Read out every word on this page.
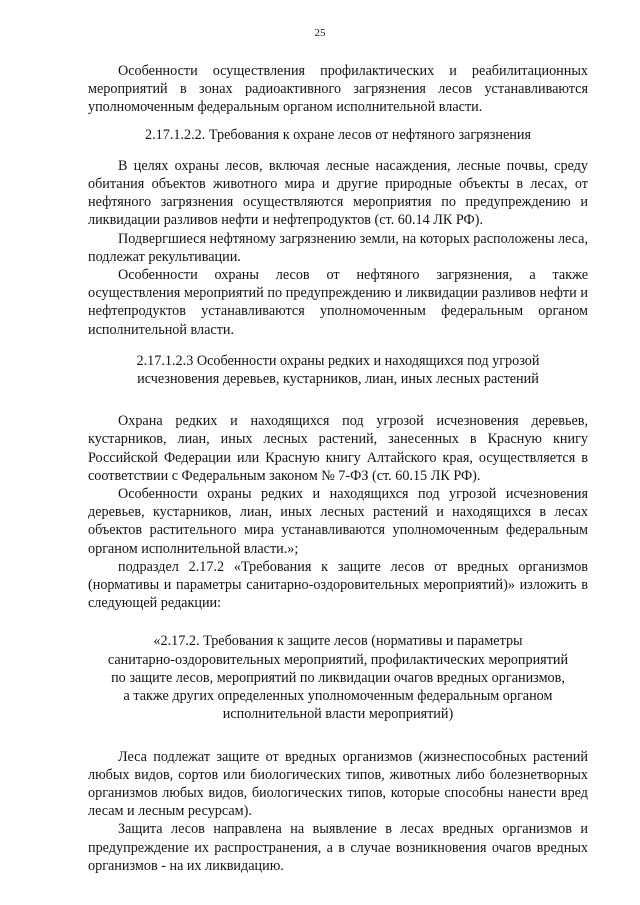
25

Особенности осуществления профилактических и реабилитационных мероприятий в зонах радиоактивного загрязнения лесов устанавливаются уполномоченным федеральным органом исполнительной власти.

2.17.1.2.2. Требования к охране лесов от нефтяного загрязнения

В целях охраны лесов, включая лесные насаждения, лесные почвы, среду обитания объектов животного мира и другие природные объекты в лесах, от нефтяного загрязнения осуществляются мероприятия по предупреждению и ликвидации разливов нефти и нефтепродуктов (ст. 60.14 ЛК РФ).

Подвергшиеся нефтяному загрязнению земли, на которых расположены леса, подлежат рекультивации.

Особенности охраны лесов от нефтяного загрязнения, а также осуществления мероприятий по предупреждению и ликвидации разливов нефти и нефтепродуктов устанавливаются уполномоченным федеральным органом исполнительной власти.

2.17.1.2.3 Особенности охраны редких и находящихся под угрозой

исчезновения деревьев, кустарников, лиан, иных лесных растений

Охрана редких и находящихся под угрозой исчезновения деревьев, кустарников, лиан, иных лесных растений, занесенных в Красную книгу Российской Федерации или Красную книгу Алтайского края, осуществляется в соответствии с Федеральным законом № 7-ФЗ (ст. 60.15 ЛК РФ).

Особенности охраны редких и находящихся под угрозой исчезновения деревьев, кустарников, лиан, иных лесных растений и находящихся в лесах объектов растительного мира устанавливаются уполномоченным федеральным органом исполнительной власти.»;

подраздел 2.17.2 «Требования к защите лесов от вредных организмов (нормативы и параметры санитарно-оздоровительных мероприятий)» изложить в следующей редакции:

«2.17.2. Требования к защите лесов (нормативы и параметры

санитарно-оздоровительных мероприятий, профилактических мероприятий

по защите лесов, мероприятий по ликвидации очагов вредных организмов,

а также других определенных уполномоченным федеральным органом

исполнительной власти мероприятий)

Леса подлежат защите от вредных организмов (жизнеспособных растений любых видов, сортов или биологических типов, животных либо болезнетворных организмов любых видов, биологических типов, которые способны нанести вред лесам и лесным ресурсам).

Защита лесов направлена на выявление в лесах вредных организмов и предупреждение их распространения, а в случае возникновения очагов вредных организмов - на их ликвидацию.
